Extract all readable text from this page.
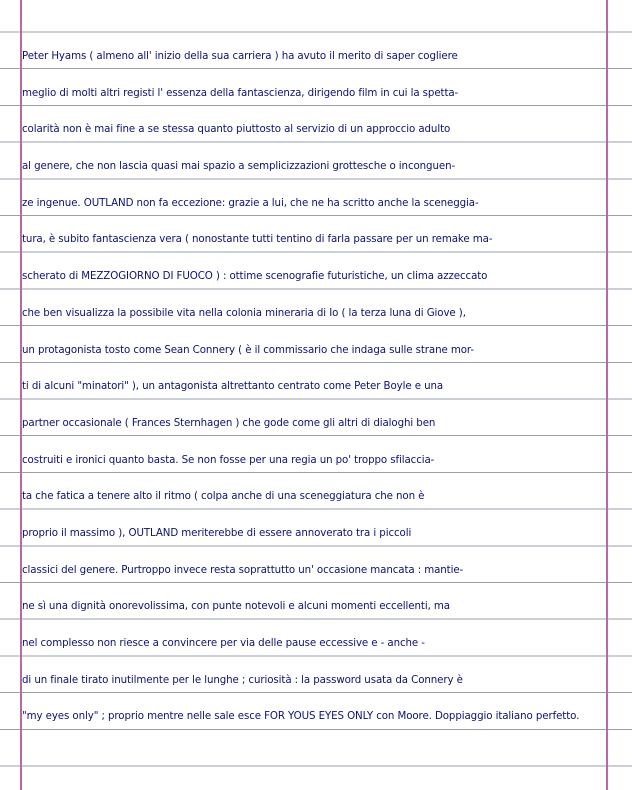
Peter Hyams ( almeno all' inizio della sua carriera ) ha avuto il merito di saper cogliere
meglio di molti altri registi l' essenza della fantascienza, dirigendo film in cui la spetta-
colarità non è mai fine a se stessa quanto piuttosto al servizio di un approccio adulto
al genere, che non lascia quasi mai spazio a semplicizzazioni grottesche o inconguen-
ze ingenue. OUTLAND non fa eccezione: grazie a lui, che ne ha scritto anche la sceneggia-
tura, è subito fantascienza vera ( nonostante tutti tentino di farla passare per un remake ma-
scherato di MEZZOGIORNO DI FUOCO ) : ottime scenografie futuristiche, un clima azzeccato
che ben visualizza la possibile vita nella colonia mineraria di Io ( la terza luna di Giove ),
un protagonista tosto come Sean Connery ( è il commissario che indaga sulle strane mor-
ti di alcuni "minatori" ), un antagonista altrettanto centrato come Peter Boyle e una
partner occasionale ( Frances Sternhagen ) che gode come gli altri di dialoghi ben
costruiti e ironici quanto basta. Se non fosse per una regia un po' troppo sfilaccia-
ta che fatica a tenere alto il ritmo ( colpa anche di una sceneggiatura che non è
proprio il massimo ), OUTLAND meriterebbe di essere annoverato tra i piccoli
classici del genere. Purtroppo invece resta soprattutto un' occasione mancata : mantie-
ne sì una dignità onorevolissima, con punte notevoli e alcuni momenti eccellenti, ma
nel complesso non riesce a convincere per via delle pause eccessive e - anche -
di un finale tirato inutilmente per le lunghe ; curiosità : la password usata da Connery è
"my eyes only" ; proprio mentre nelle sale esce FOR YOUS EYES ONLY con Moore. Doppiaggio italiano perfetto.
